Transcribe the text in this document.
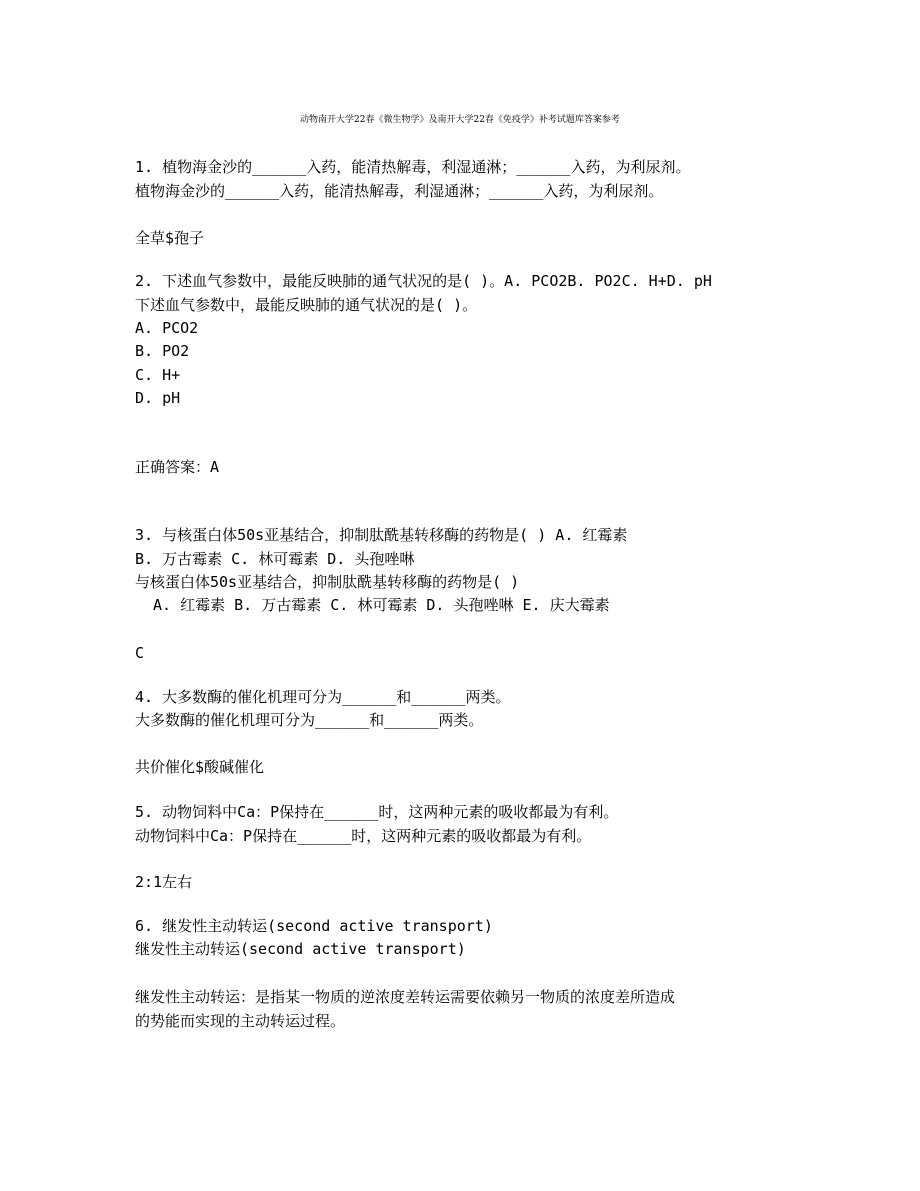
动物南开大学22春《微生物学》及南开大学22春《免疫学》补考试题库答案参考
1. 植物海金沙的______入药，能清热解毒，利湿通淋；______入药，为利尿剂。
植物海金沙的______入药，能清热解毒，利湿通淋；______入药，为利尿剂。
全草$孢子
2. 下述血气参数中，最能反映肺的通气状况的是( )。A. PCO2B. PO2C. H+D. pH
下述血气参数中，最能反映肺的通气状况的是( )。
A. PCO2
B. PO2
C. H+
D. pH
正确答案：A
3. 与核蛋白体50s亚基结合，抑制肽酰基转移酶的药物是( ) A. 红霉素
B. 万古霉素 C. 林可霉素 D. 头孢唑啉
与核蛋白体50s亚基结合，抑制肽酰基转移酶的药物是( )
A. 红霉素 B. 万古霉素 C. 林可霉素 D. 头孢唑啉 E. 庆大霉素
C
4. 大多数酶的催化机理可分为______和______两类。
大多数酶的催化机理可分为______和______两类。
共价催化$酸碱催化
5. 动物饲料中Ca：P保持在______时，这两种元素的吸收都最为有利。
动物饲料中Ca：P保持在______时，这两种元素的吸收都最为有利。
2:1左右
6. 继发性主动转运(second active transport)
继发性主动转运(second active transport)
继发性主动转运：是指某一物质的逆浓度差转运需要依赖另一物质的浓度差所造成
的势能而实现的主动转运过程。
